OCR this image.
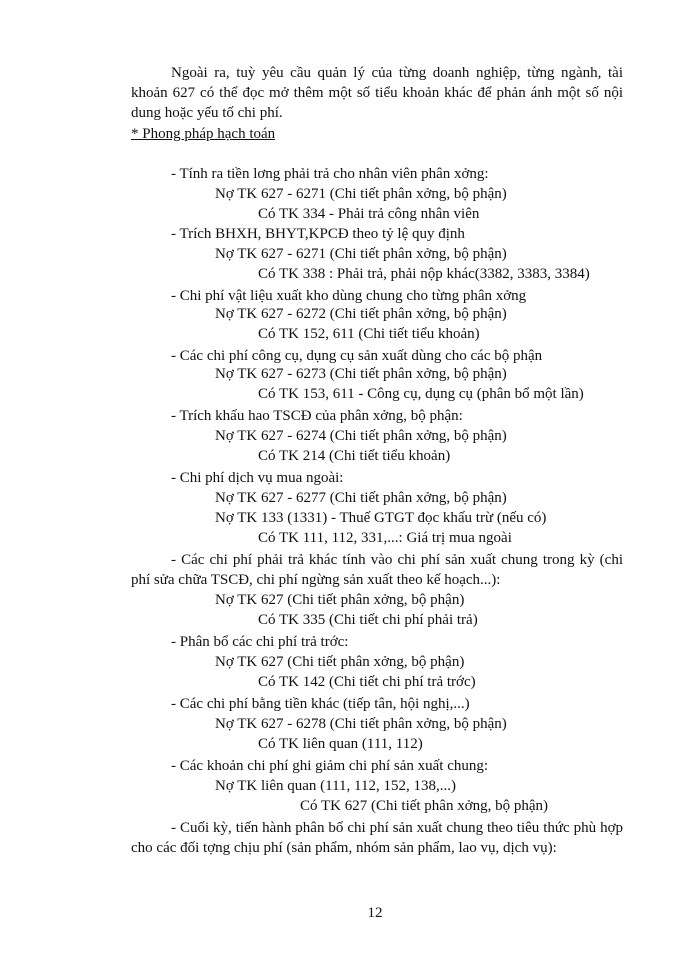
Ngoài ra, tuỳ yêu cầu quản lý của từng doanh nghiệp, từng ngành, tài khoản 627 có thể đọc mở thêm một số tiểu khoản khác để phản ánh một số nội dung hoặc yếu tố chi phí.

* Phong pháp hạch toán

- Tính ra tiền lơng phải trả cho nhân viên phân xởng:

Nợ TK 627 - 6271 (Chi tiết phân xởng, bộ phận)

Có TK 334 - Phải trả công nhân viên

- Trích BHXH, BHYT,KPCĐ theo tỷ lệ quy định

Nợ TK 627 - 6271 (Chi tiết phân xởng, bộ phận)

Có TK 338 : Phải trả, phải nộp khác(3382, 3383, 3384)

- Chi phí vật liệu xuất kho dùng chung cho từng phân xởng

Nợ TK 627 - 6272 (Chi tiết phân xởng, bộ phận)

Có TK 152, 611 (Chi tiết tiểu khoản)

- Các chi phí công cụ, dụng cụ sản xuất dùng cho các bộ phận

Nợ TK 627 - 6273 (Chi tiết phân xởng, bộ phận)

Có TK 153, 611 - Công cụ, dụng cụ (phân bổ một lần)

- Trích khấu hao TSCĐ của phân xởng, bộ phận:

Nợ TK 627 - 6274 (Chi tiết phân xởng, bộ phận)

Có TK 214 (Chi tiết tiểu khoản)

- Chi phí dịch vụ mua ngoài:

Nợ TK 627 - 6277 (Chi tiết phân xởng, bộ phận)

Nợ TK 133 (1331) - Thuế GTGT đọc khấu trừ (nếu có)

Có TK 111, 112, 331,...: Giá trị mua ngoài

- Các chi phí phải trả khác tính vào chi phí sản xuất chung trong kỳ (chi phí sửa chữa TSCĐ, chi phí ngừng sản xuất theo kế hoạch...):

Nợ TK 627 (Chi tiết phân xởng, bộ phận)

Có TK 335 (Chi tiết chi phí phải trả)

- Phân bổ các chi phí trả trớc:

Nợ TK 627 (Chi tiết phân xởng, bộ phận)

Có TK 142 (Chi tiết chi phí trả trớc)

- Các chi phí bằng tiền khác (tiếp tân, hội nghị,...)

Nợ TK 627 - 6278 (Chi tiết phân xởng, bộ phận)

Có TK liên quan (111, 112)

- Các khoản chi phí ghi giảm chi phí sản xuất chung:

Nợ TK liên quan (111, 112, 152, 138,...)

Có TK 627 (Chi tiết phân xởng, bộ phận)

- Cuối kỳ, tiến hành phân bổ chi phí sản xuất chung theo tiêu thức phù hợp cho các đối tợng chịu phí (sản phẩm, nhóm sản phẩm, lao vụ, dịch vụ):

12
